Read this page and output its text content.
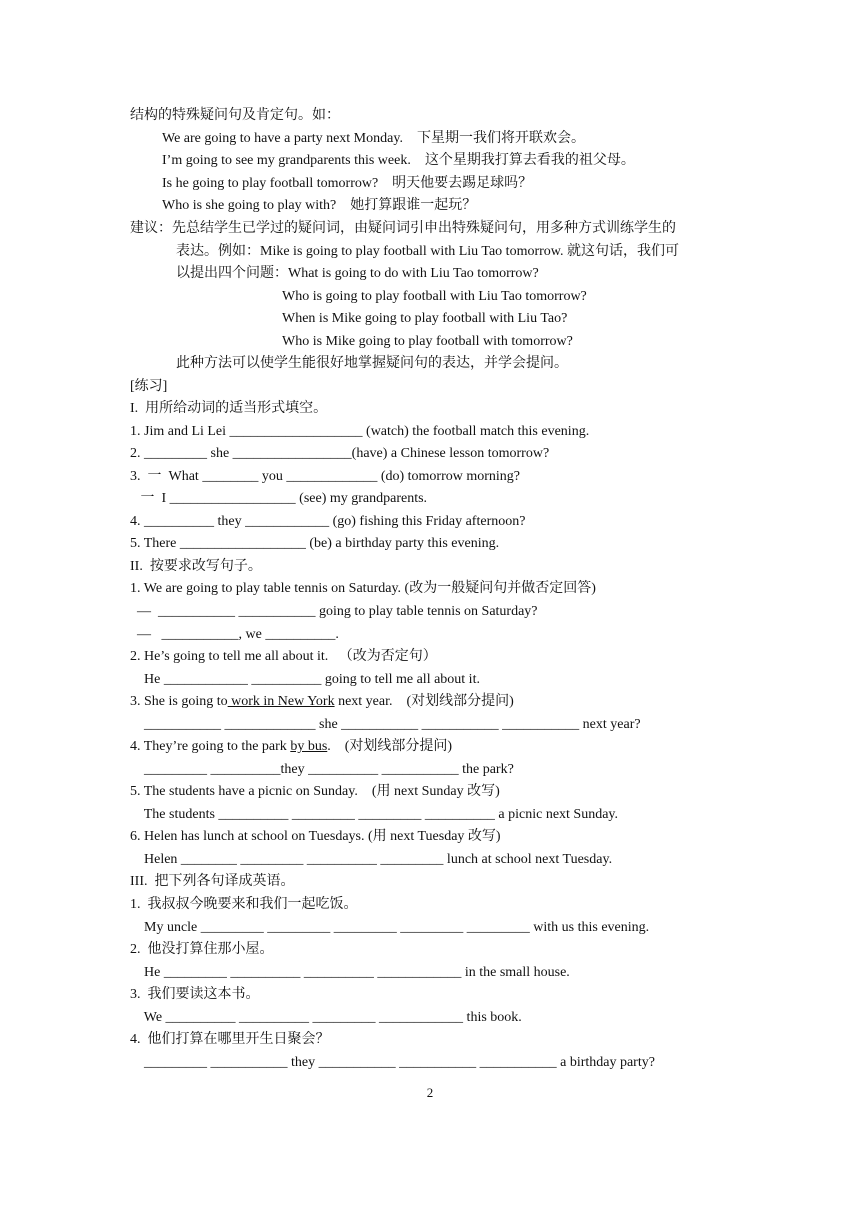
结构的特殊疑问句及肯定句。如：
We are going to have a party next Monday.    下星期一我们将开联欢会。
I’m going to see my grandparents this week.    这个星期我打算去看我的祖父母。
Is he going to play football tomorrow?    明天他要去踢足球吗？
Who is she going to play with?    她打算跟谁一起玩？
建议：先总结学生已学过的疑问词，由疑问词引申出特殊疑问句，用多种方式训练学生的
表达。例如：Mike is going to play football with Liu Tao tomorrow. 就这句话，我们可
以提出四个问题：What is going to do with Liu Tao tomorrow?
Who is going to play football with Liu Tao tomorrow?
When is Mike going to play football with Liu Tao?
Who is Mike going to play football with tomorrow?
此种方法可以使学生能很好地掌握疑问句的表达，并学会提问。
[练习]
I.  用所给动词的适当形式填空。
1. Jim and Li Lei ___________________ (watch) the football match this evening.
2. _________ she _________________(have) a Chinese lesson tomorrow?
3.  一  What ________ you _____________ (do) tomorrow morning?
一  I __________________ (see) my grandparents.
4. __________ they ____________ (go) fishing this Friday afternoon?
5. There __________________ (be) a birthday party this evening.
II.  按要求改写句子。
1. We are going to play table tennis on Saturday. (改为一般疑问句并做否定回答)
—  ___________ ___________ going to play table tennis on Saturday?
—   ___________, we __________.
2. He’s going to tell me all about it.   （改为否定句）
He ____________ __________ going to tell me all about it.
3. She is going to work in New York next year.    (对划线部分提问)
___________ _____________ she ___________ ___________ ___________ next year?
4. They’re going to the park by bus.    (对划线部分提问)
_________ __________they __________ ___________ the park?
5. The students have a picnic on Sunday.    (用 next Sunday 改写)
The students __________ _________ _________ __________ a picnic next Sunday.
6. Helen has lunch at school on Tuesdays. (用 next Tuesday 改写)
Helen ________ _________ __________ _________ lunch at school next Tuesday.
III.  把下列各句译成英语。
1.  我叔叔今晚要来和我们一起吃饭。
My uncle _________ _________ _________ _________ _________ with us this evening.
2.  他没打算住那小屋。
He _________ __________ __________ ____________ in the small house.
3.  我们要读这本书。
We __________ __________ _________ ____________ this book.
4.  他们打算在哪里开生日聚会？
_________ ___________ they ___________ ___________ ___________ a birthday party?
2
